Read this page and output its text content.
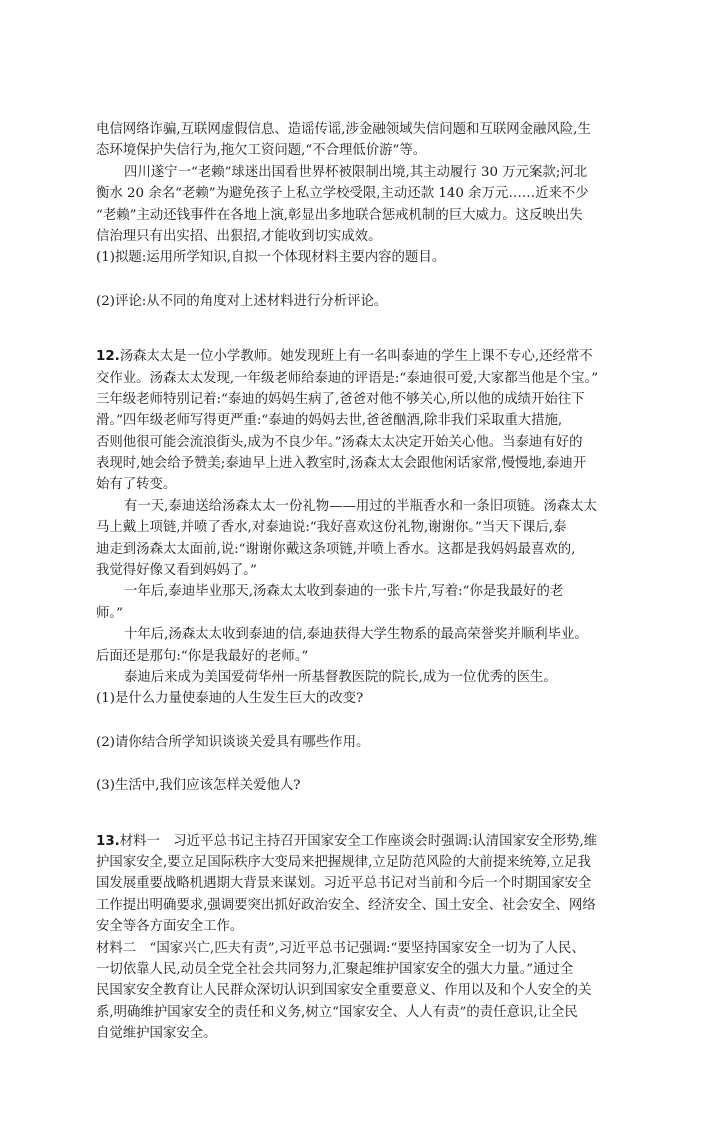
电信网络诈骗,互联网虚假信息、造谣传谣,涉金融领域失信问题和互联网金融风险,生
态环境保护失信行为,拖欠工资问题,“不合理低价游”等。
四川遂宁一“老赖”球迷出国看世界杯被限制出境,其主动履行 30 万元案款;河北
衡水 20 余名“老赖”为避免孩子上私立学校受限,主动还款 140 余万元……近来不少
“老赖”主动还钱事件在各地上演,彰显出多地联合惩戒机制的巨大威力。这反映出失
信治理只有出实招、出狠招,才能收到切实成效。
(1)拟题:运用所学知识,自拟一个体现材料主要内容的题目。
(2)评论:从不同的角度对上述材料进行分析评论。
12.汤森太太是一位小学教师。她发现班上有一名叫泰迪的学生上课不专心,还经常不
交作业。汤森太太发现,一年级老师给泰迪的评语是:“泰迪很可爱,大家都当他是个宝。”
三年级老师特别记着:“泰迪的妈妈生病了,爸爸对他不够关心,所以他的成绩开始往下
滑。”四年级老师写得更严重:“泰迪的妈妈去世,爸爸酗酒,除非我们采取重大措施,
否则他很可能会流浪街头,成为不良少年。”汤森太太决定开始关心他。当泰迪有好的
表现时,她会给予赞美;泰迪早上进入教室时,汤森太太会跟他闲话家常,慢慢地,泰迪开
始有了转变。
有一天,泰迪送给汤森太太一份礼物——用过的半瓶香水和一条旧项链。汤森太太
马上戴上项链,并喷了香水,对泰迪说:“我好喜欢这份礼物,谢谢你。”当天下课后,泰
迪走到汤森太太面前,说:“谢谢你戴这条项链,并喷上香水。这都是我妈妈最喜欢的,
我觉得好像又看到妈妈了。”
一年后,泰迪毕业那天,汤森太太收到泰迪的一张卡片,写着:“你是我最好的老
师。”
十年后,汤森太太收到泰迪的信,泰迪获得大学生物系的最高荣誉奖并顺利毕业。
后面还是那句:“你是我最好的老师。”
泰迪后来成为美国爱荷华州一所基督教医院的院长,成为一位优秀的医生。
(1)是什么力量使泰迪的人生发生巨大的改变?
(2)请你结合所学知识谈谈关爱具有哪些作用。
(3)生活中,我们应该怎样关爱他人?
13.材料一　习近平总书记主持召开国家安全工作座谈会时强调:认清国家安全形势,维
护国家安全,要立足国际秩序大变局来把握规律,立足防范风险的大前提来统筹,立足我
国发展重要战略机遇期大背景来谋划。习近平总书记对当前和今后一个时期国家安全
工作提出明确要求,强调要突出抓好政治安全、经济安全、国土安全、社会安全、网络
安全等各方面安全工作。
材料二　“国家兴亡,匹夫有责”,习近平总书记强调:“要坚持国家安全一切为了人民、
一切依靠人民,动员全党全社会共同努力,汇聚起维护国家安全的强大力量。”通过全
民国家安全教育让人民群众深切认识到国家安全重要意义、作用以及和个人安全的关
系,明确维护国家安全的责任和义务,树立“国家安全、人人有责”的责任意识,让全民
自觉维护国家安全。
